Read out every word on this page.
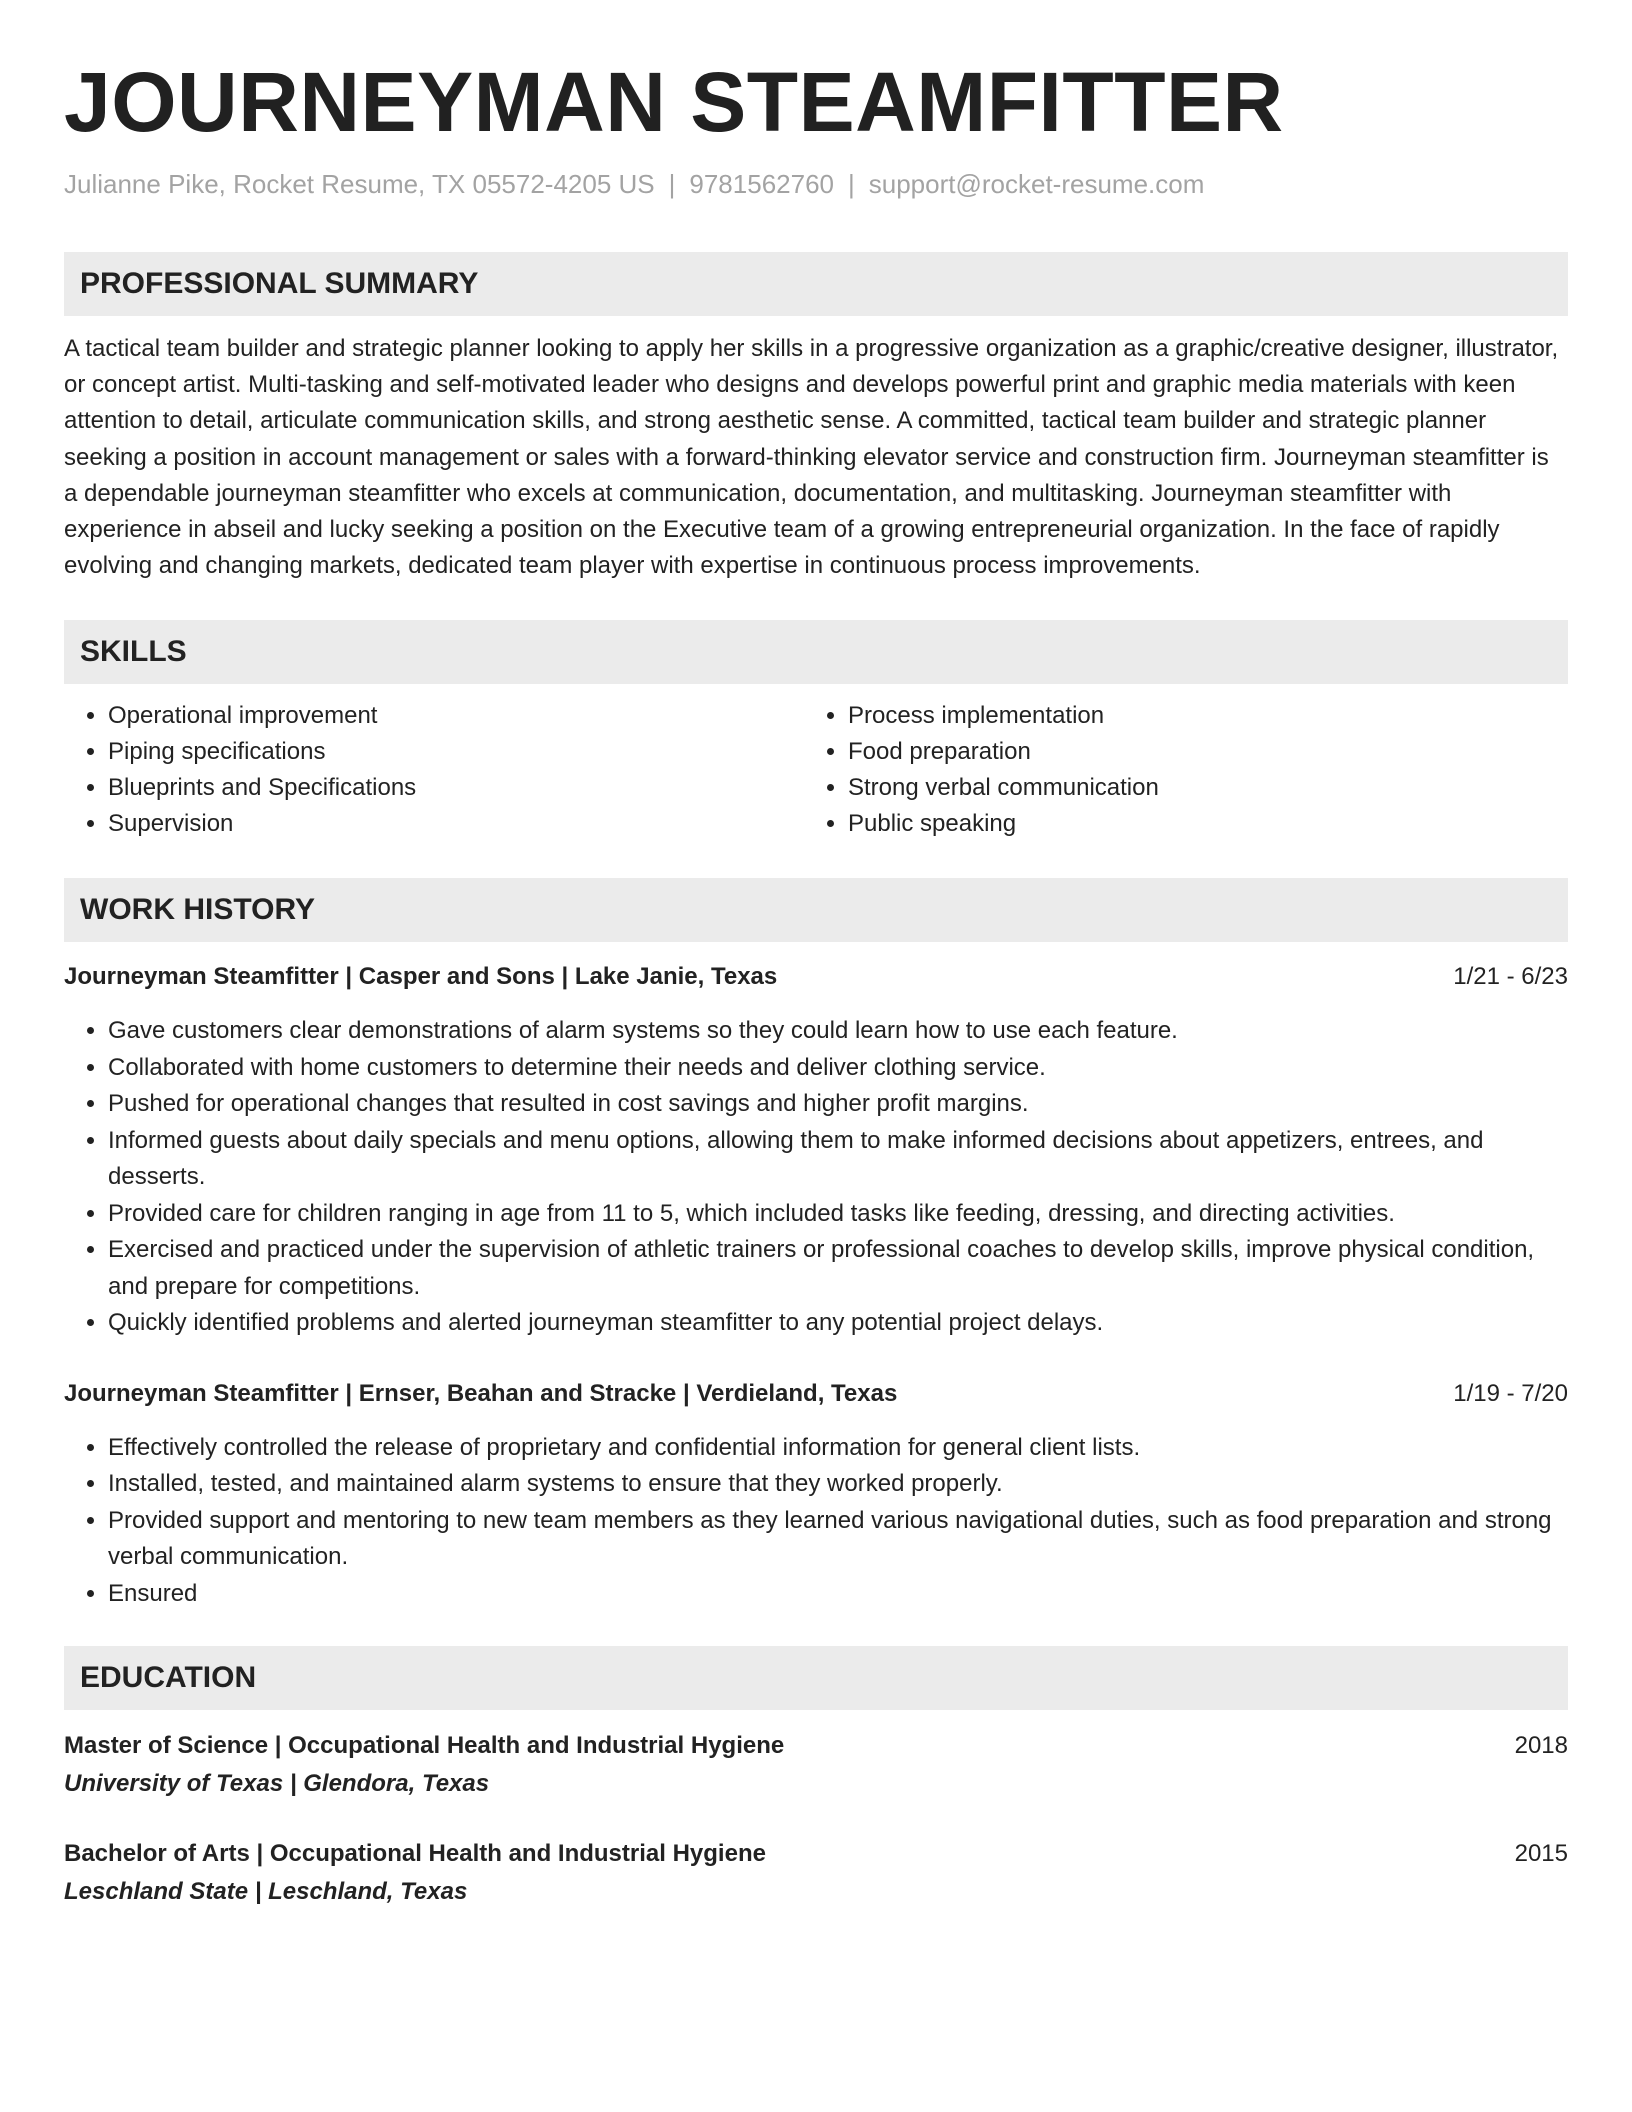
JOURNEYMAN STEAMFITTER
Julianne Pike, Rocket Resume, TX 05572-4205 US | 9781562760 | support@rocket-resume.com
PROFESSIONAL SUMMARY
A tactical team builder and strategic planner looking to apply her skills in a progressive organization as a graphic/creative designer, illustrator, or concept artist. Multi-tasking and self-motivated leader who designs and develops powerful print and graphic media materials with keen attention to detail, articulate communication skills, and strong aesthetic sense. A committed, tactical team builder and strategic planner seeking a position in account management or sales with a forward-thinking elevator service and construction firm. Journeyman steamfitter is a dependable journeyman steamfitter who excels at communication, documentation, and multitasking. Journeyman steamfitter with experience in abseil and lucky seeking a position on the Executive team of a growing entrepreneurial organization. In the face of rapidly evolving and changing markets, dedicated team player with expertise in continuous process improvements.
SKILLS
• Operational improvement
• Piping specifications
• Blueprints and Specifications
• Supervision
• Process implementation
• Food preparation
• Strong verbal communication
• Public speaking
WORK HISTORY
Journeyman Steamfitter | Casper and Sons | Lake Janie, Texas	1/21 - 6/23
• Gave customers clear demonstrations of alarm systems so they could learn how to use each feature.
• Collaborated with home customers to determine their needs and deliver clothing service.
• Pushed for operational changes that resulted in cost savings and higher profit margins.
• Informed guests about daily specials and menu options, allowing them to make informed decisions about appetizers, entrees, and desserts.
• Provided care for children ranging in age from 11 to 5, which included tasks like feeding, dressing, and directing activities.
• Exercised and practiced under the supervision of athletic trainers or professional coaches to develop skills, improve physical condition, and prepare for competitions.
• Quickly identified problems and alerted journeyman steamfitter to any potential project delays.
Journeyman Steamfitter | Ernser, Beahan and Stracke | Verdieland, Texas	1/19 - 7/20
• Effectively controlled the release of proprietary and confidential information for general client lists.
• Installed, tested, and maintained alarm systems to ensure that they worked properly.
• Provided support and mentoring to new team members as they learned various navigational duties, such as food preparation and strong verbal communication.
• Ensured
EDUCATION
Master of Science | Occupational Health and Industrial Hygiene	2018
University of Texas | Glendora, Texas
Bachelor of Arts | Occupational Health and Industrial Hygiene	2015
Leschland State | Leschland, Texas
